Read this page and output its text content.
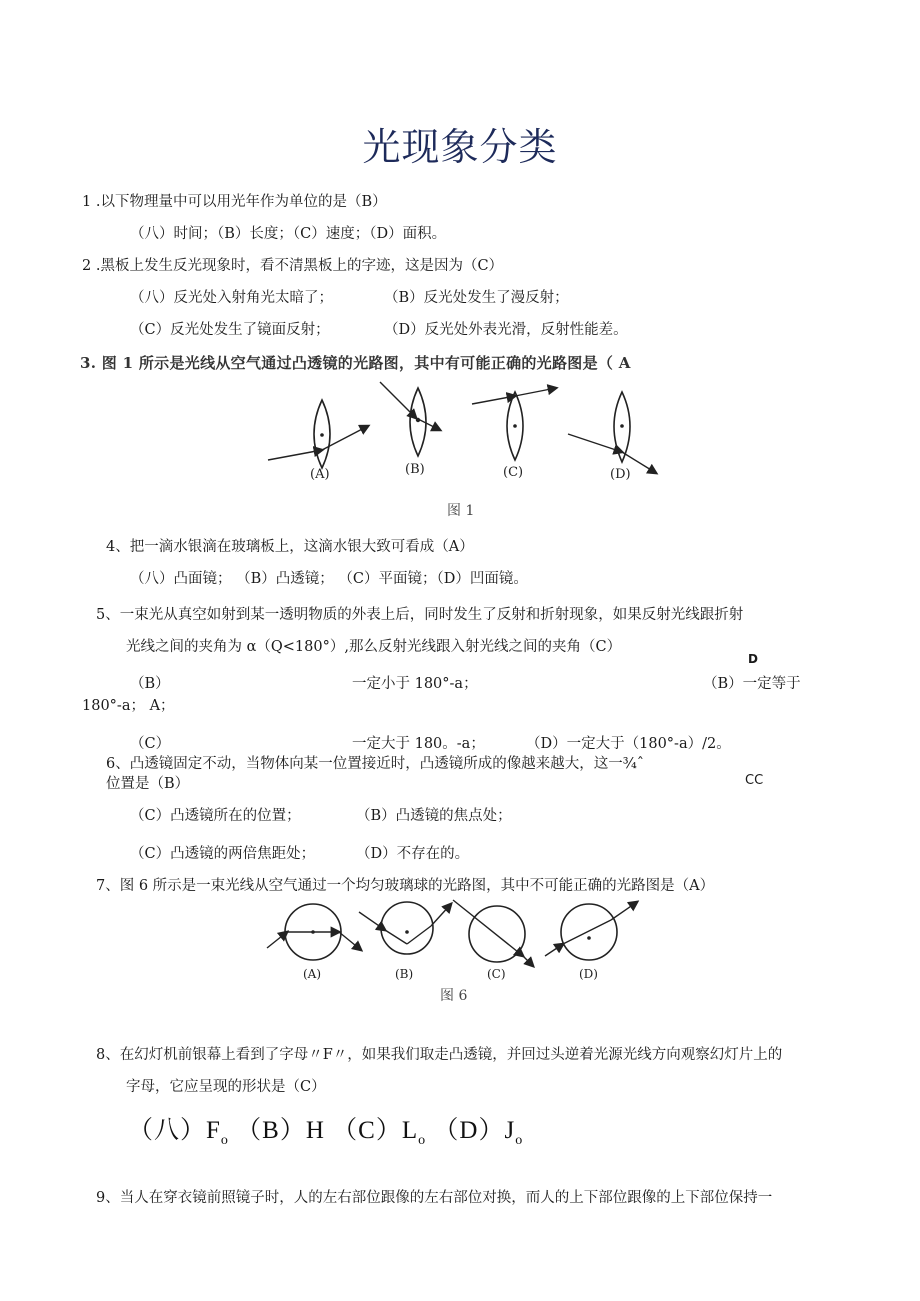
光现象分类
1 .以下物理量中可以用光年作为单位的是（B）
（八）时间；（B）长度；（C）速度；（D）面积。
2 .黑板上发生反光现象时，看不清黑板上的字迹，这是因为（C）
（八）反光处入射角光太暗了；	（B）反光处发生了漫反射；
（C）反光处发生了镜面反射；	（D）反光处外表光滑，反射性能差。
3. 图 1 所示是光线从空气通过凸透镜的光路图，其中有可能正确的光路图是（ A
(A)	(B)	(C)	(D)
图 1
4、把一滴水银滴在玻璃板上，这滴水银大致可看成（A）
（八）凸面镜； （B）凸透镜； （C）平面镜；（D）凹面镜。
5、一束光从真空如射到某一透明物质的外表上后，同时发生了反射和折射现象，如果反射光线跟折射
光线之间的夹角为 α（Q<180°）,那么反射光线跟入射光线之间的夹角（C）
D
（B）	一定小于 180°-a；	（B）一定等于
180°-a； A；
（C）	一定大于 180。-a；	（D）一定大于（180°-a）/2。
6、凸透镜固定不动，当物体向某一位置接近时，凸透镜所成的像越来越大，这一¾ˆ
位置是（B）	CC
（C）凸透镜所在的位置；	（B）凸透镜的焦点处；
（C）凸透镜的两倍焦距处；	（D）不存在的。
7、图 6 所示是一束光线从空气通过一个均匀玻璃球的光路图，其中不可能正确的光路图是（A）
(A)	(B)	(C)	(D)
图 6
8、在幻灯机前银幕上看到了字母〃F〃，如果我们取走凸透镜，并回过头逆着光源光线方向观察幻灯片上的
字母，它应呈现的形状是（C）
（八）$F_o$ （B）H $(C)L_o$ $(D)J_o$
9、当人在穿衣镜前照镜子时，人的左右部位跟像的左右部位对换，而人的上下部位跟像的上下部位保持一
